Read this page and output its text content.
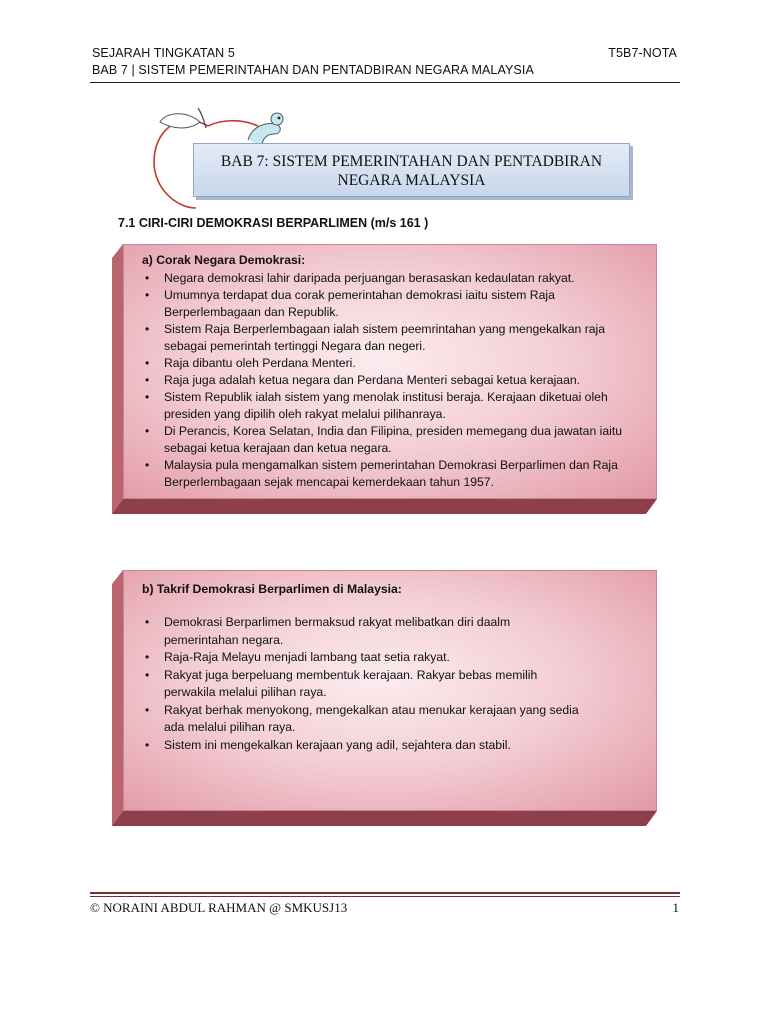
SEJARAH TINGKATAN 5	T5B7-NOTA
BAB 7 | SISTEM PEMERINTAHAN DAN PENTADBIRAN NEGARA MALAYSIA
BAB 7: SISTEM PEMERINTAHAN DAN PENTADBIRAN
NEGARA MALAYSIA
7.1 CIRI-CIRI DEMOKRASI BERPARLIMEN (m/s 161 )
a) Corak Negara Demokrasi:
• Negara demokrasi lahir daripada perjuangan berasaskan kedaulatan rakyat.
• Umumnya terdapat dua corak pemerintahan demokrasi iaitu sistem Raja
Berperlembagaan dan Republik.
• Sistem Raja Berperlembagaan ialah sistem peemrintahan yang mengekalkan raja
sebagai pemerintah tertinggi Negara dan negeri.
• Raja dibantu oleh Perdana Menteri.
• Raja juga adalah ketua negara dan Perdana Menteri sebagai ketua kerajaan.
• Sistem Republik ialah sistem yang menolak institusi beraja. Kerajaan diketuai oleh
presiden yang dipilih oleh rakyat melalui pilihanraya.
• Di Perancis, Korea Selatan, India dan Filipina, presiden memegang dua jawatan iaitu
sebagai ketua kerajaan dan ketua negara.
• Malaysia pula mengamalkan sistem pemerintahan Demokrasi Berparlimen dan Raja
Berperlembagaan sejak mencapai kemerdekaan tahun 1957.
b) Takrif Demokrasi Berparlimen di Malaysia:
• Demokrasi Berparlimen bermaksud rakyat melibatkan diri daalm
pemerintahan negara.
• Raja-Raja Melayu menjadi lambang taat setia rakyat.
• Rakyat juga berpeluang membentuk kerajaan. Rakyar bebas memilih
perwakila melalui pilihan raya.
• Rakyat berhak menyokong, mengekalkan atau menukar kerajaan yang sedia
ada melalui pilihan raya.
• Sistem ini mengekalkan kerajaan yang adil, sejahtera dan stabil.
© NORAINI ABDUL RAHMAN @ SMKUSJ13	1
